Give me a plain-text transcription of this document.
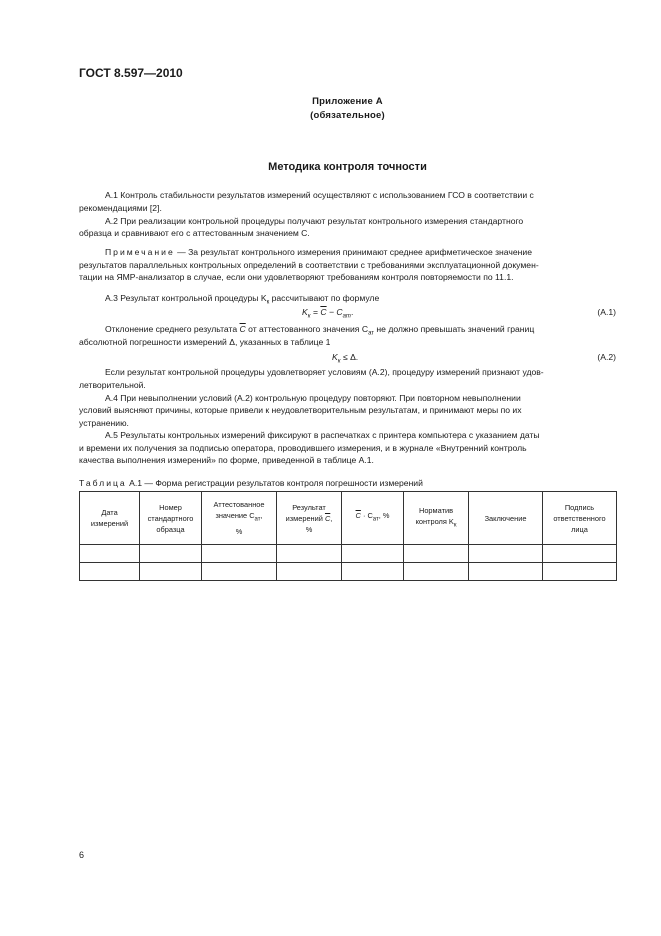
ГОСТ 8.597—2010
Приложение А
(обязательное)
Методика контроля точности
А.1 Контроль стабильности результатов измерений осуществляют с использованием ГСО в соответствии с
рекомендациями [2].
А.2 При реализации контрольной процедуры получают результат контрольного измерения стандартного
образца и сравнивают его с аттестованным значением С.
Примечание — За результат контрольного измерения принимают среднее арифметическое значение
результатов параллельных контрольных определений в соответствии с требованиями эксплуатационной докумен-
тации на ЯМР-анализатор в случае, если они удовлетворяют требованиям контроля повторяемости по 11.1.
А.3 Результат контрольной процедуры $K_к$ рассчитывают по формуле
$K_к = \overline{C} - C_{ат}$.	(А.1)
Отклонение среднего результата $\overline{C}$ от аттестованного значения $C_{ат}$ не должно превышать значений границ
абсолютной погрешности измерений Δ, указанных в таблице 1
$K_к \le \Delta$.	(А.2)
Если результат контрольной процедуры удовлетворяет условиям (А.2), процедуру измерений признают удов-
летворительной.
А.4 При невыполнении условий (А.2) контрольную процедуру повторяют. При повторном невыполнении
условий выясняют причины, которые привели к неудовлетворительным результатам, и принимают меры по их
устранению.
А.5 Результаты контрольных измерений фиксируют в распечатках с принтера компьютера с указанием даты
и времени их получения за подписью оператора, проводившего измерения, и в журнале «Внутренний контроль
качества выполнения измерений» по форме, приведенной в таблице А.1.
Таблица А.1 — Форма регистрации результатов контроля погрешности измерений
Дата
измерений	Номер
стандартного
образца	Аттестованное
значение $C_{ат}$,
%	Результат
измерений $\overline{C}$,
%	$\overline{C} \cdot C_{ат}$, %	Норматив
контроля $K_к$	Заключение	Подпись
ответственного
лица

6
